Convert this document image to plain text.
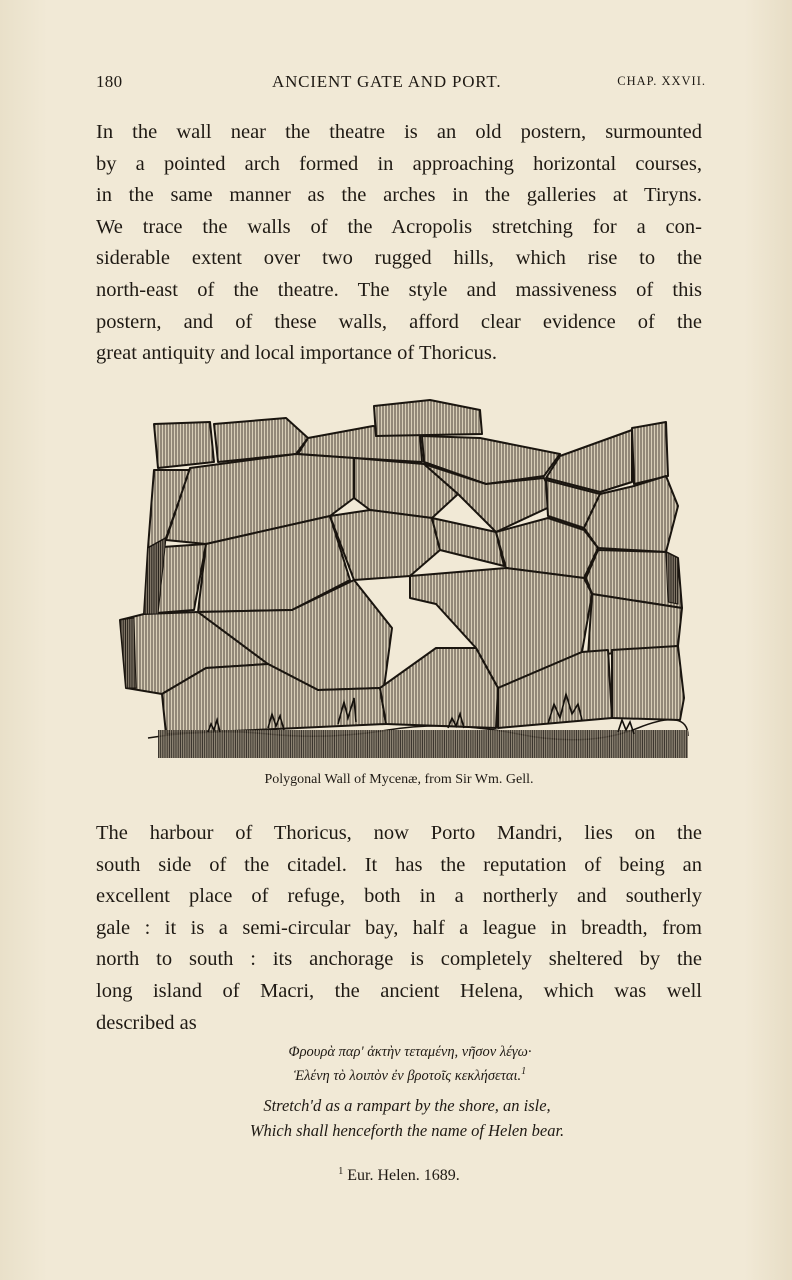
180	ANCIENT GATE AND PORT.	CHAP. XXVII.
In the wall near the theatre is an old postern, surmounted
by a pointed arch formed in approaching horizontal courses,
in the same manner as the arches in the galleries at Tiryns.
We trace the walls of the Acropolis stretching for a con-
siderable extent over two rugged hills, which rise to the
north-east of the theatre. The style and massiveness of this
postern, and of these walls, afford clear evidence of the
great antiquity and local importance of Thoricus.
Polygonal Wall of Mycenæ, from Sir Wm. Gell.
The harbour of Thoricus, now Porto Mandri, lies on the
south side of the citadel. It has the reputation of being an
excellent place of refuge, both in a northerly and southerly
gale : it is a semi-circular bay, half a league in breadth, from
north to south : its anchorage is completely sheltered by the
long island of Macri, the ancient Helena, which was well
described as
Φρουρὰ παρ' ἀκτὴν τεταμένη, νῆσον λέγω·
Ἑλένη τὸ λοιπὸν ἐν βροτοῖς κεκλήσεται.$^1$
Stretch'd as a rampart by the shore, an isle,
Which shall henceforth the name of Helen bear.
$^1$ Eur. Helen. 1689.
